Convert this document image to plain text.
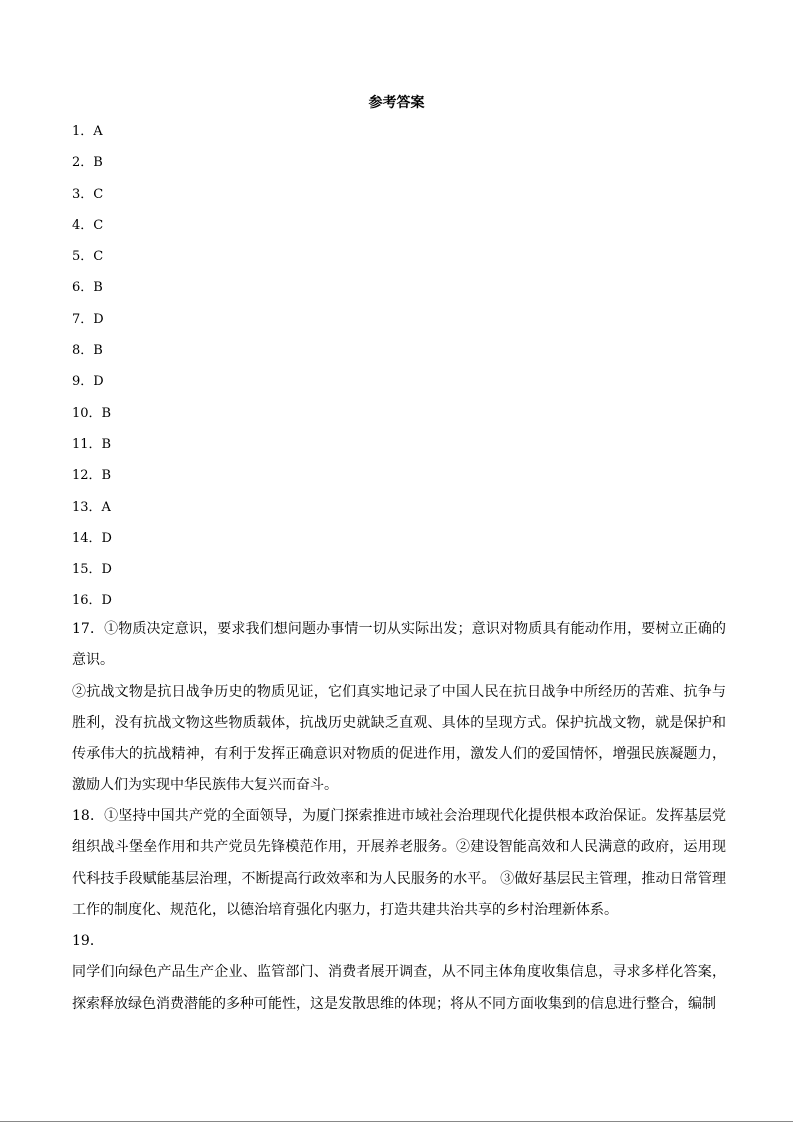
参考答案
1．A
2．B
3．C
4．C
5．C
6．B
7．D
8．B
9．D
10．B
11．B
12．B
13．A
14．D
15．D
16．D
17．①物质决定意识，要求我们想问题办事情一切从实际出发；意识对物质具有能动作用，要树立正确的意识。
②抗战文物是抗日战争历史的物质见证，它们真实地记录了中国人民在抗日战争中所经历的苦难、抗争与胜利，没有抗战文物这些物质载体，抗战历史就缺乏直观、具体的呈现方式。保护抗战文物，就是保护和传承伟大的抗战精神，有利于发挥正确意识对物质的促进作用，激发人们的爱国情怀，增强民族凝题力，激励人们为实现中华民族伟大复兴而奋斗。
18．①坚持中国共产党的全面领导，为厦门探索推进市域社会治理现代化提供根本政治保证。发挥基层党组织战斗堡垒作用和共产党员先锋模范作用，开展养老服务。②建设智能高效和人民满意的政府，运用现代科技手段赋能基层治理，不断提高行政效率和为人民服务的水平。 ③做好基层民主管理，推动日常管理工作的制度化、规范化，以德治培育强化内驱力，打造共建共治共享的乡村治理新体系。
19．
同学们向绿色产品生产企业、监管部门、消费者展开调查，从不同主体角度收集信息，寻求多样化答案，探索释放绿色消费潜能的多种可能性，这是发散思维的体现；将从不同方面收集到的信息进行整合，编制
